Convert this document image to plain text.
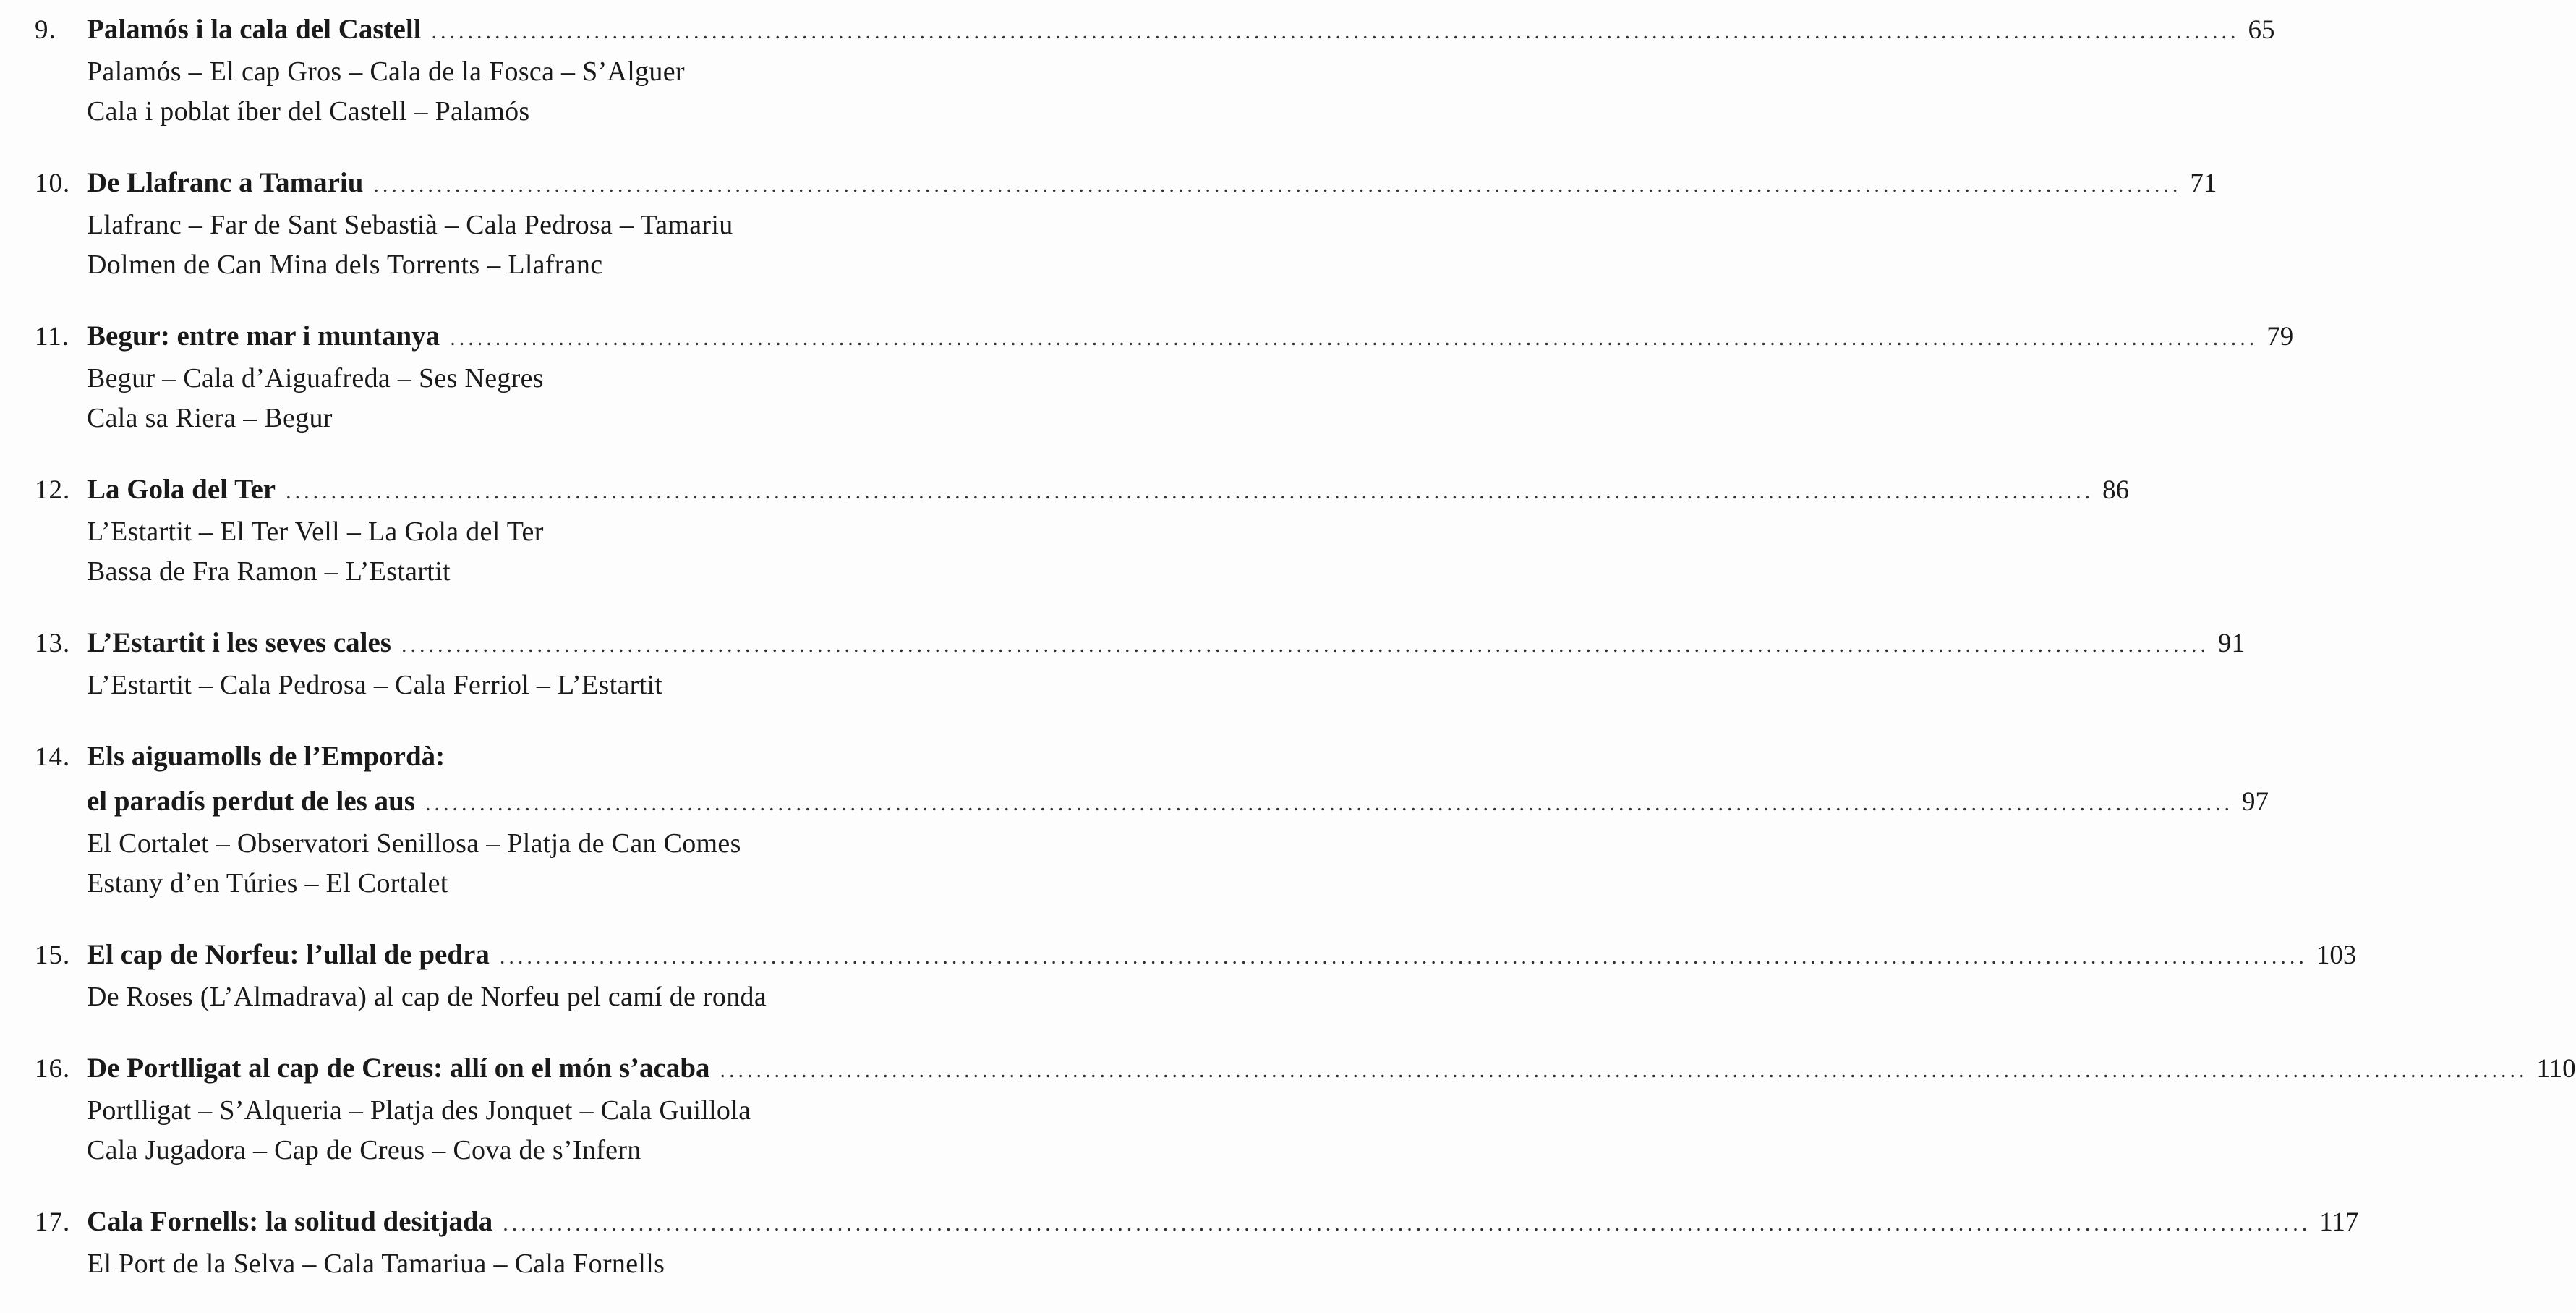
9.	Palamós i la cala del Castell ........................................................................................................................................................................................................ 65
Palamós – El cap Gros – Cala de la Fosca – S’Alguer
Cala i poblat íber del Castell – Palamós
10. De Llafranc a Tamariu ........................................................................................................................................................................................................ 71
Llafranc – Far de Sant Sebastià – Cala Pedrosa – Tamariu
Dolmen de Can Mina dels Torrents – Llafranc
11. Begur: entre mar i muntanya ........................................................................................................................................................................................................ 79
Begur – Cala d’Aiguafreda – Ses Negres
Cala sa Riera – Begur
12. La Gola del Ter ........................................................................................................................................................................................................ 86
L’Estartit – El Ter Vell – La Gola del Ter
Bassa de Fra Ramon – L’Estartit
13. L’Estartit i les seves cales ........................................................................................................................................................................................................ 91
L’Estartit – Cala Pedrosa – Cala Ferriol – L’Estartit
14. Els aiguamolls de l’Empordà:
el paradís perdut de les aus ........................................................................................................................................................................................................ 97
El Cortalet – Observatori Senillosa – Platja de Can Comes
Estany d’en Túries – El Cortalet
15. El cap de Norfeu: l’ullal de pedra ........................................................................................................................................................................................................ 103
De Roses (L’Almadrava) al cap de Norfeu pel camí de ronda
16. De Portlligat al cap de Creus: allí on el món s’acaba ........................................................................................................................................................................................................ 110
Portlligat – S’Alqueria – Platja des Jonquet – Cala Guillola
Cala Jugadora – Cap de Creus – Cova de s’Infern
17. Cala Fornells: la solitud desitjada ........................................................................................................................................................................................................ 117
El Port de la Selva – Cala Tamariua – Cala Fornells
